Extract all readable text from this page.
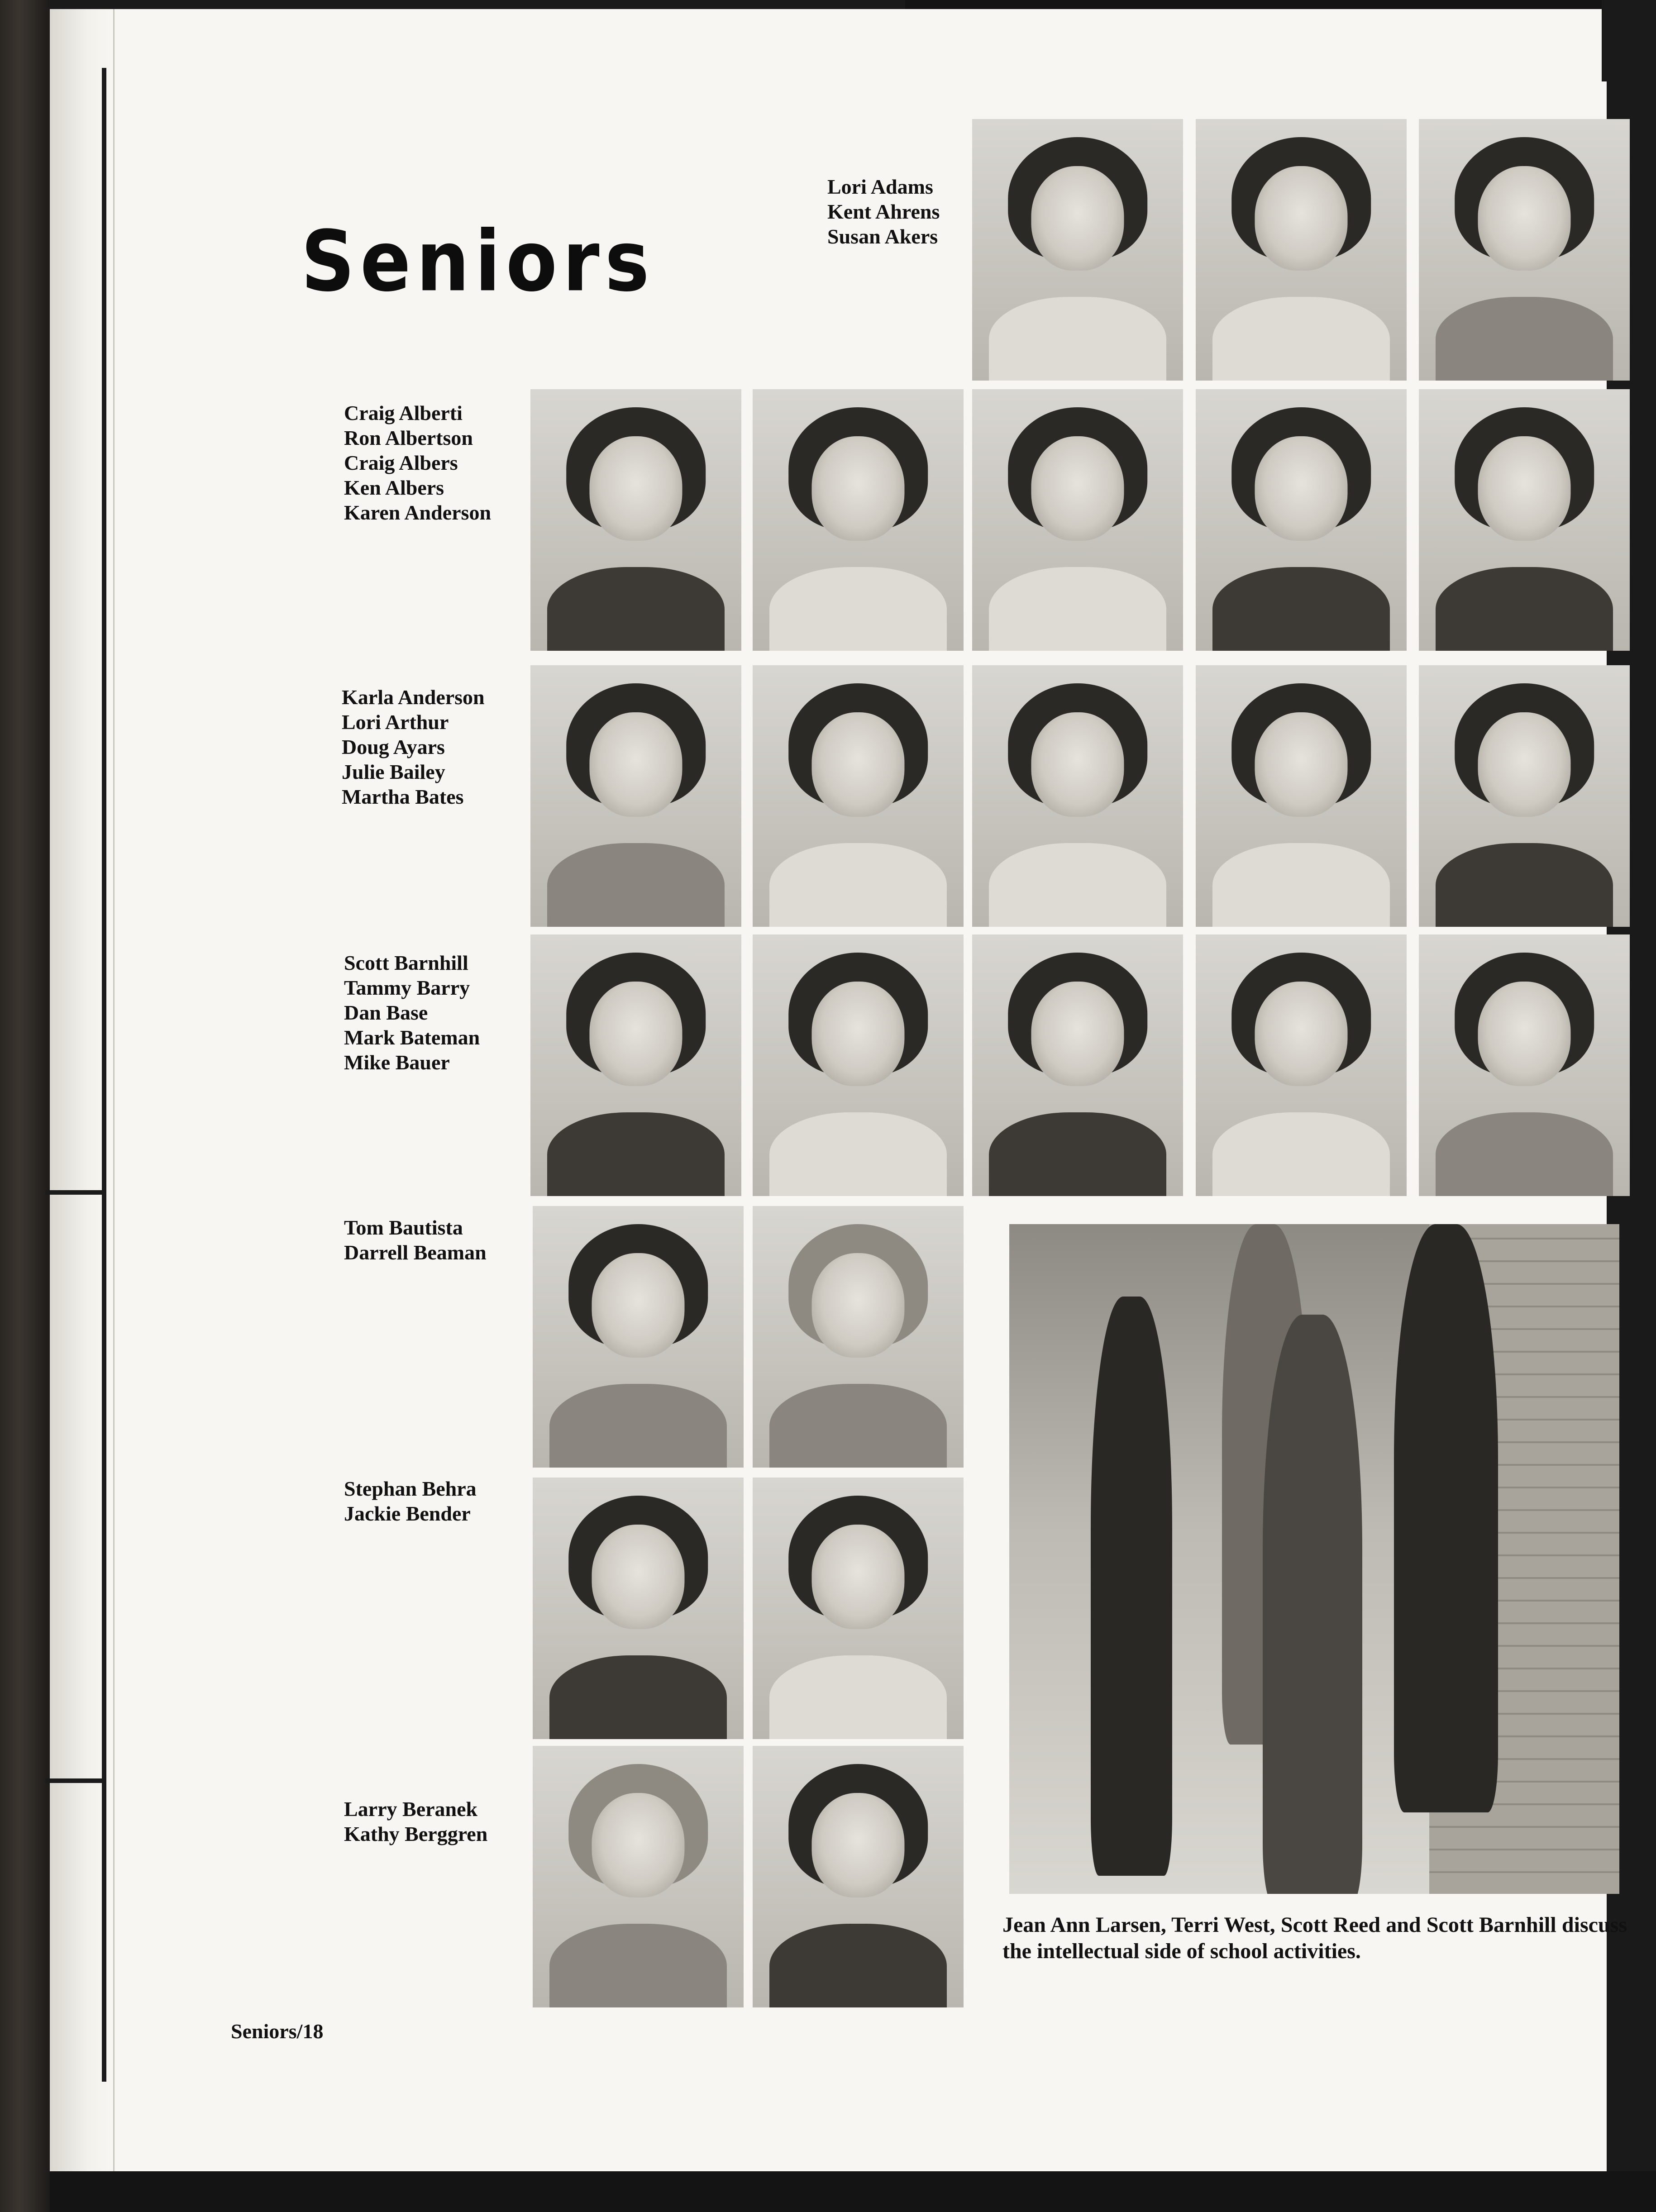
Seniors
Lori Adams
Kent Ahrens
Susan Akers
Craig Alberti
Ron Albertson
Craig Albers
Ken Albers
Karen Anderson
Karla Anderson
Lori Arthur
Doug Ayars
Julie Bailey
Martha Bates
Scott Barnhill
Tammy Barry
Dan Base
Mark Bateman
Mike Bauer
Tom Bautista
Darrell Beaman
Stephan Behra
Jackie Bender
Larry Beranek
Kathy Berggren
Jean Ann Larsen, Terri West, Scott Reed and Scott Barnhill discuss the intellectual side of school activities.
Seniors/18
